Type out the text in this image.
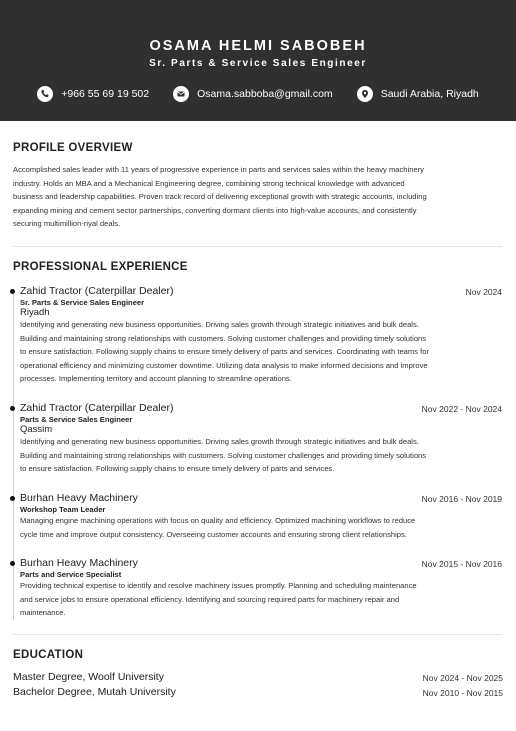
OSAMA HELMI SABOBEH
Sr. Parts & Service Sales Engineer
+966 55 69 19 502	Osama.sabboba@gmail.com	Saudi Arabia, Riyadh
PROFILE OVERVIEW
Accomplished sales leader with 11 years of progressive experience in parts and services sales within the heavy machinery
industry. Holds an MBA and a Mechanical Engineering degree, combining strong technical knowledge with advanced
business and leadership capabilities. Proven track record of delivering exceptional growth with strategic accounts, including
expanding mining and cement sector partnerships, converting dormant clients into high-value accounts, and consistently
securing multimillion-riyal deals.
PROFESSIONAL EXPERIENCE
Zahid Tractor (Caterpillar Dealer)	Nov 2024
Sr. Parts & Service Sales Engineer
Riyadh
Identifying and generating new business opportunities. Driving sales growth through strategic initiatives and bulk deals.
Building and maintaining strong relationships with customers. Solving customer challenges and providing timely solutions
to ensure satisfaction. Following supply chains to ensure timely delivery of parts and services. Coordinating with teams for
operational efficiency and minimizing customer downtime. Utilizing data analysis to make informed decisions and improve
processes. Implementing territory and account planning to streamline operations.
Zahid Tractor (Caterpillar Dealer)	Nov 2022 - Nov 2024
Parts & Service Sales Engineer
Qassim
Identifying and generating new business opportunities. Driving sales growth through strategic initiatives and bulk deals.
Building and maintaining strong relationships with customers. Solving customer challenges and providing timely solutions
to ensure satisfaction. Following supply chains to ensure timely delivery of parts and services.
Burhan Heavy Machinery	Nov 2016 - Nov 2019
Workshop Team Leader
Managing engine machining operations with focus on quality and efficiency. Optimized machining workflows to reduce
cycle time and improve output consistency. Overseeing customer accounts and ensuring strong client relationships.
Burhan Heavy Machinery	Nov 2015 - Nov 2016
Parts and Service Specialist
Providing technical expertise to identify and resolve machinery issues promptly. Planning and scheduling maintenance
and service jobs to ensure operational efficiency. Identifying and sourcing required parts for machinery repair and
maintenance.
EDUCATION
Master Degree, Woolf University	Nov 2024 - Nov 2025
Bachelor Degree, Mutah University	Nov 2010 - Nov 2015
